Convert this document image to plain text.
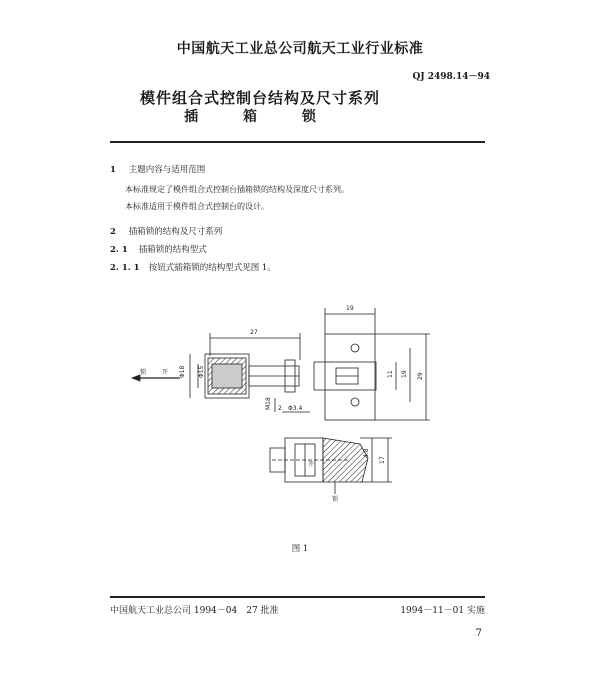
中国航天工业总公司航天工业行业标准
QJ 2498.14－94
模件组合式控制台结构及尺寸系列
插 箱 锁
1 主题内容与适用范围
本标准规定了模件组合式控制台插箱锁的结构及深度尺寸系列。
本标准适用于模件组合式控制台的设计。
2 插箱锁的结构及尺寸系列
2. 1 插箱锁的结构型式
2. 1. 1 按钮式插箱锁的结构型式见图 1。
27
19
Φ18 Φ15	11 19 29
M18 2 Φ3.4
4.8
17
锁	开
锁
开
图 1
中国航天工业总公司 1994－04　27 批准	1994－11－01 实施
7
